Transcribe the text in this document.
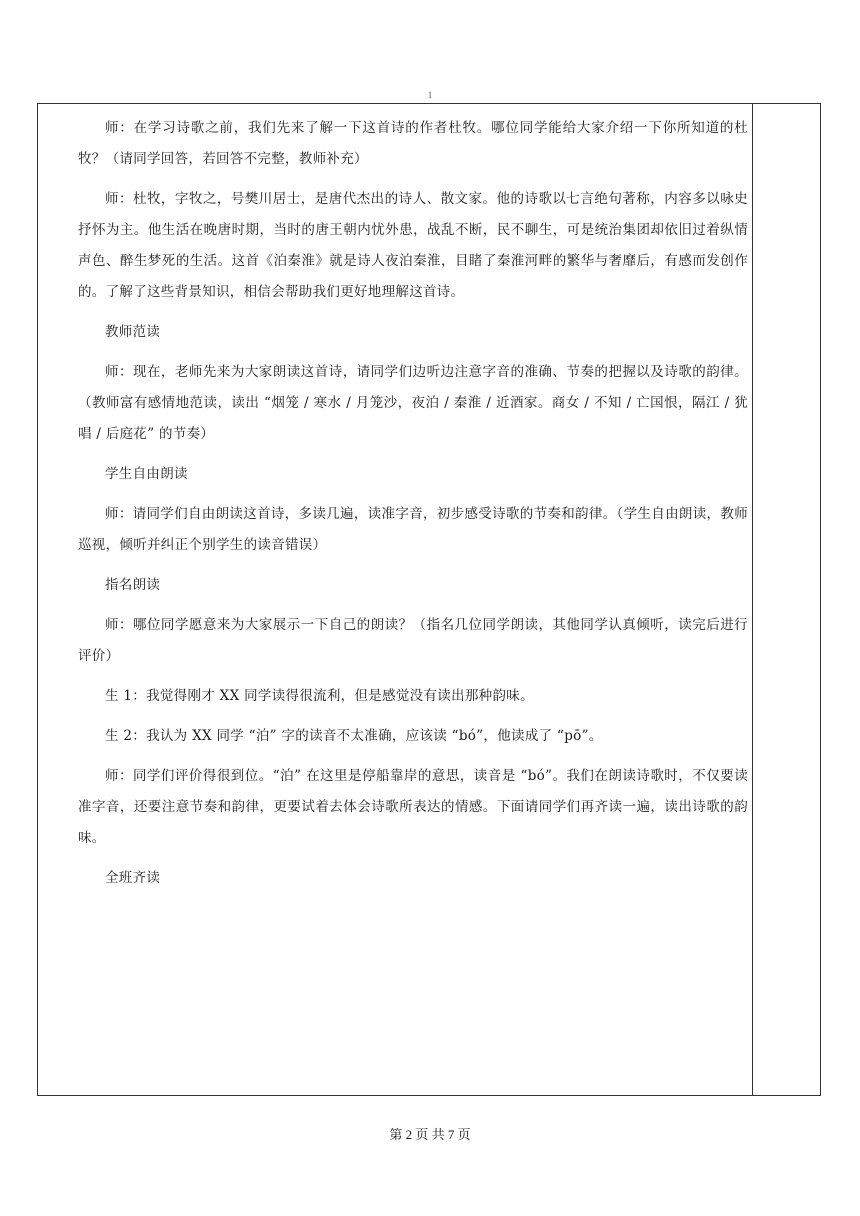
1

师：在学习诗歌之前，我们先来了解一下这首诗的作者杜牧。哪位同学能给大家介绍一下你所知道的杜牧？（请同学回答，若回答不完整，教师补充）

师：杜牧，字牧之，号樊川居士，是唐代杰出的诗人、散文家。他的诗歌以七言绝句著称，内容多以咏史抒怀为主。他生活在晚唐时期，当时的唐王朝内忧外患，战乱不断，民不聊生，可是统治集团却依旧过着纵情声色、醉生梦死的生活。这首《泊秦淮》就是诗人夜泊秦淮，目睹了秦淮河畔的繁华与奢靡后，有感而发创作的。了解了这些背景知识，相信会帮助我们更好地理解这首诗。

教师范读

师：现在，老师先来为大家朗读这首诗，请同学们边听边注意字音的准确、节奏的把握以及诗歌的韵律。（教师富有感情地范读，读出 “烟笼 / 寒水 / 月笼沙，夜泊 / 秦淮 / 近酒家。商女 / 不知 / 亡国恨，隔江 / 犹唱 / 后庭花” 的节奏）

学生自由朗读

师：请同学们自由朗读这首诗，多读几遍，读准字音，初步感受诗歌的节奏和韵律。（学生自由朗读，教师巡视，倾听并纠正个别学生的读音错误）

指名朗读

师：哪位同学愿意来为大家展示一下自己的朗读？（指名几位同学朗读，其他同学认真倾听，读完后进行评价）

生 1：我觉得刚才 XX 同学读得很流利，但是感觉没有读出那种韵味。

生 2：我认为 XX 同学 “泊” 字的读音不太准确，应该读 “bó”，他读成了 “pō”。

师：同学们评价得很到位。“泊” 在这里是停船靠岸的意思，读音是 “bó”。我们在朗读诗歌时，不仅要读准字音，还要注意节奏和韵律，更要试着去体会诗歌所表达的情感。下面请同学们再齐读一遍，读出诗歌的韵味。

全班齐读

第 2 页 共 7 页
